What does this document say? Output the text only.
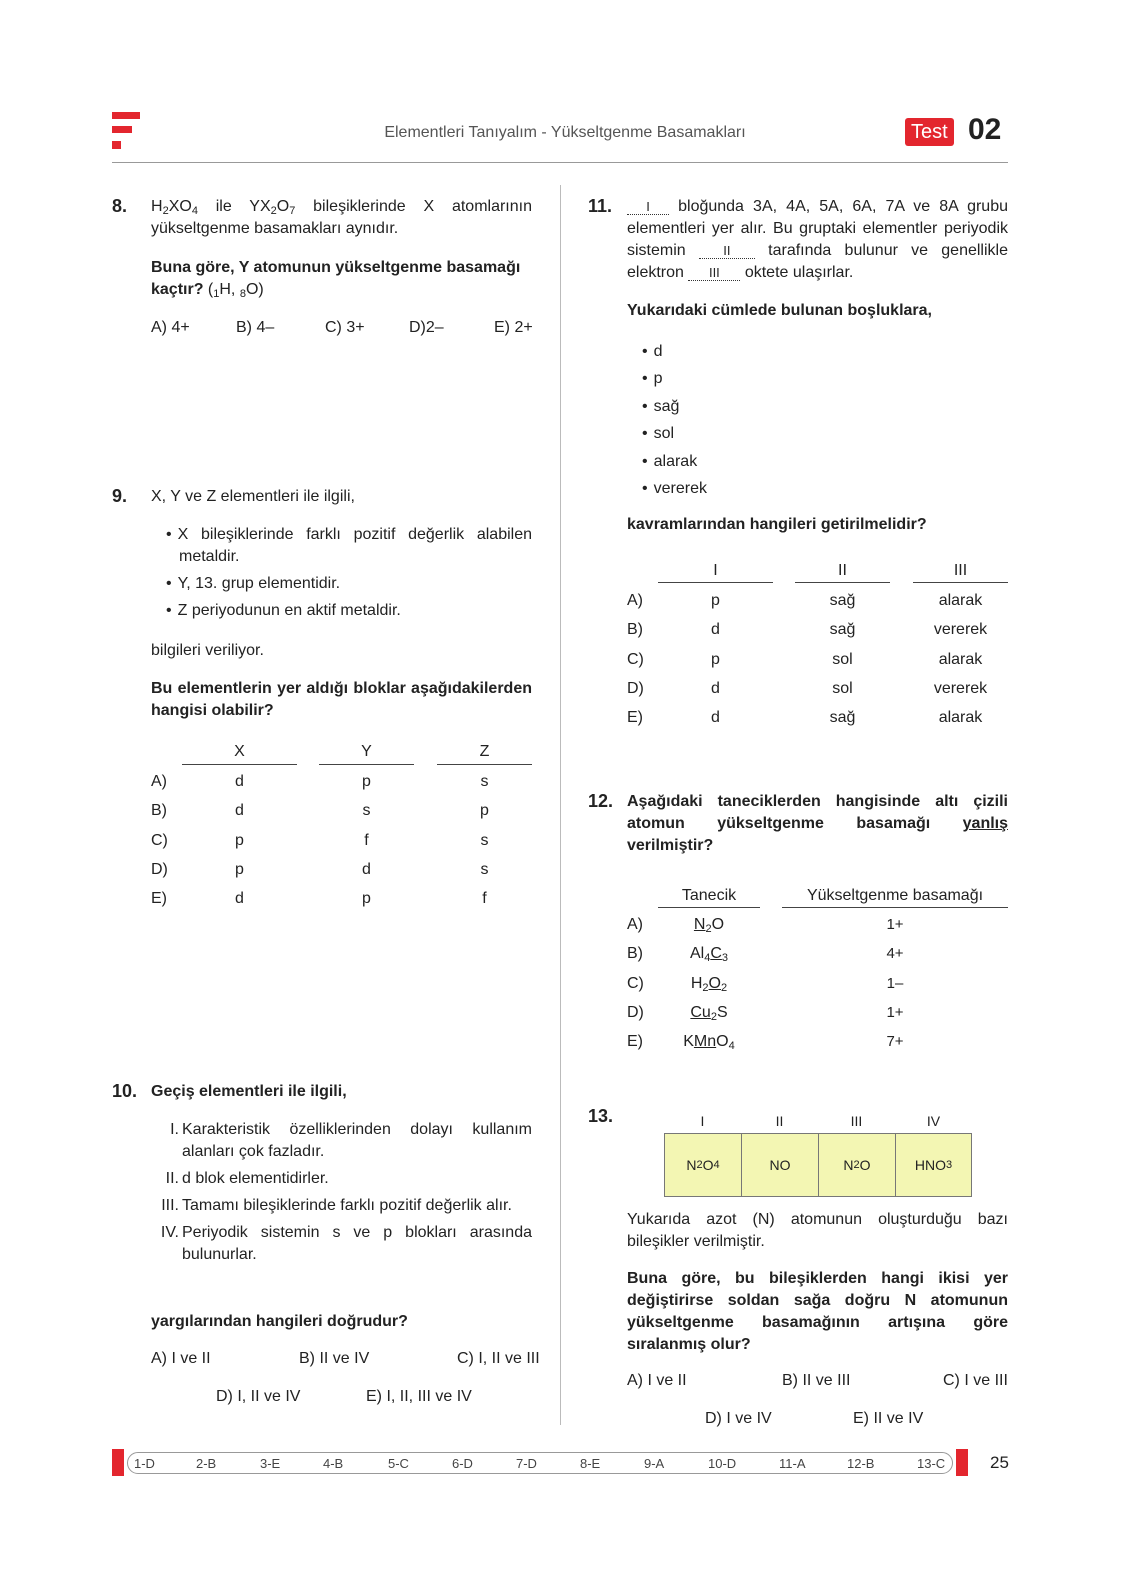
Elementleri Tanıyalım - Yükseltgenme Basamakları	Test 02
8. $H_2XO_4$ ile $YX_2O_7$ bileşiklerinde X atomlarının yükseltgenme basamakları aynıdır.
Buna göre, Y atomunun yükseltgenme basamağı kaçtır? ($_1H$, $_8$O)
A) 4+	B) 4–	C) 3+	D)2–	E) 2+
9. X, Y ve Z elementleri ile ilgili,
• X bileşiklerinde farklı pozitif değerlik alabilen metaldir.
• Y, 13. grup elementidir.
• Z periyodunun en aktif metaldir.
bilgileri veriliyor.
Bu elementlerin yer aldığı bloklar aşağıdakilerden hangisi olabilir?
X	Y	Z
A)	d	p	s
B)	d	s	p
C)	p	f	s
D)	p	d	s
E)	d	p	f
10. Geçiş elementleri ile ilgili,
I. Karakteristik özelliklerinden dolayı kullanım alanları çok fazladır.
II. d blok elementidirler.
III. Tamamı bileşiklerinde farklı pozitif değerlik alır.
IV. Periyodik sistemin s ve p blokları arasında bulunurlar.
yargılarından hangileri doğrudur?
A) I ve II	B) II ve IV	C) I, II ve III
D) I, II ve IV	E) I, II, III ve IV
11.	I bloğunda 3A, 4A, 5A, 6A, 7A ve 8A grubu elementleri yer alır. Bu gruptaki elementler periyodik sistemin	II tarafında bulunur ve genellikle elektron III oktete ulaşırlar.
Yukarıdaki cümlede bulunan boşluklara,
• d
• p
• sağ
• sol
• alarak
• vererek
kavramlarından hangileri getirilmelidir?
I	II	III
A)	p	sağ	alarak
B)	d	sağ	vererek
C)	p	sol	alarak
D)	d	sol	vererek
E)	d	sağ	alarak
12. Aşağıdaki taneciklerden hangisinde altı çizili atomun yükseltgenme basamağı yanlış verilmiştir?
Tanecik	Yükseltgenme basamağı
A)	$N_2O$	1+
B)	$Al_4C_3$	4+
C)	$H_2O_2$	1–
D)	$Cu_2S$	1+
E)	KMnO$_4$	7+
13.	I	II	III	IV
N 2 O 4	NO	N 2 O	HNO 3
Yukarıda azot (N) atomunun oluşturduğu bazı bileşikler verilmiştir.
Buna göre, bu bileşiklerden hangi ikisi yer değiştirirse soldan sağa doğru N atomunun yükseltgenme basamağının artışına göre sıralanmış olur?
A) I ve II	B) II ve III	C) I ve III
D) I ve IV	E) II ve IV
1-D	2-B	3-E	4-B	5-C	6-D	7-D	8-E	9-A	10-D	11-A	12-B	13-C	25
